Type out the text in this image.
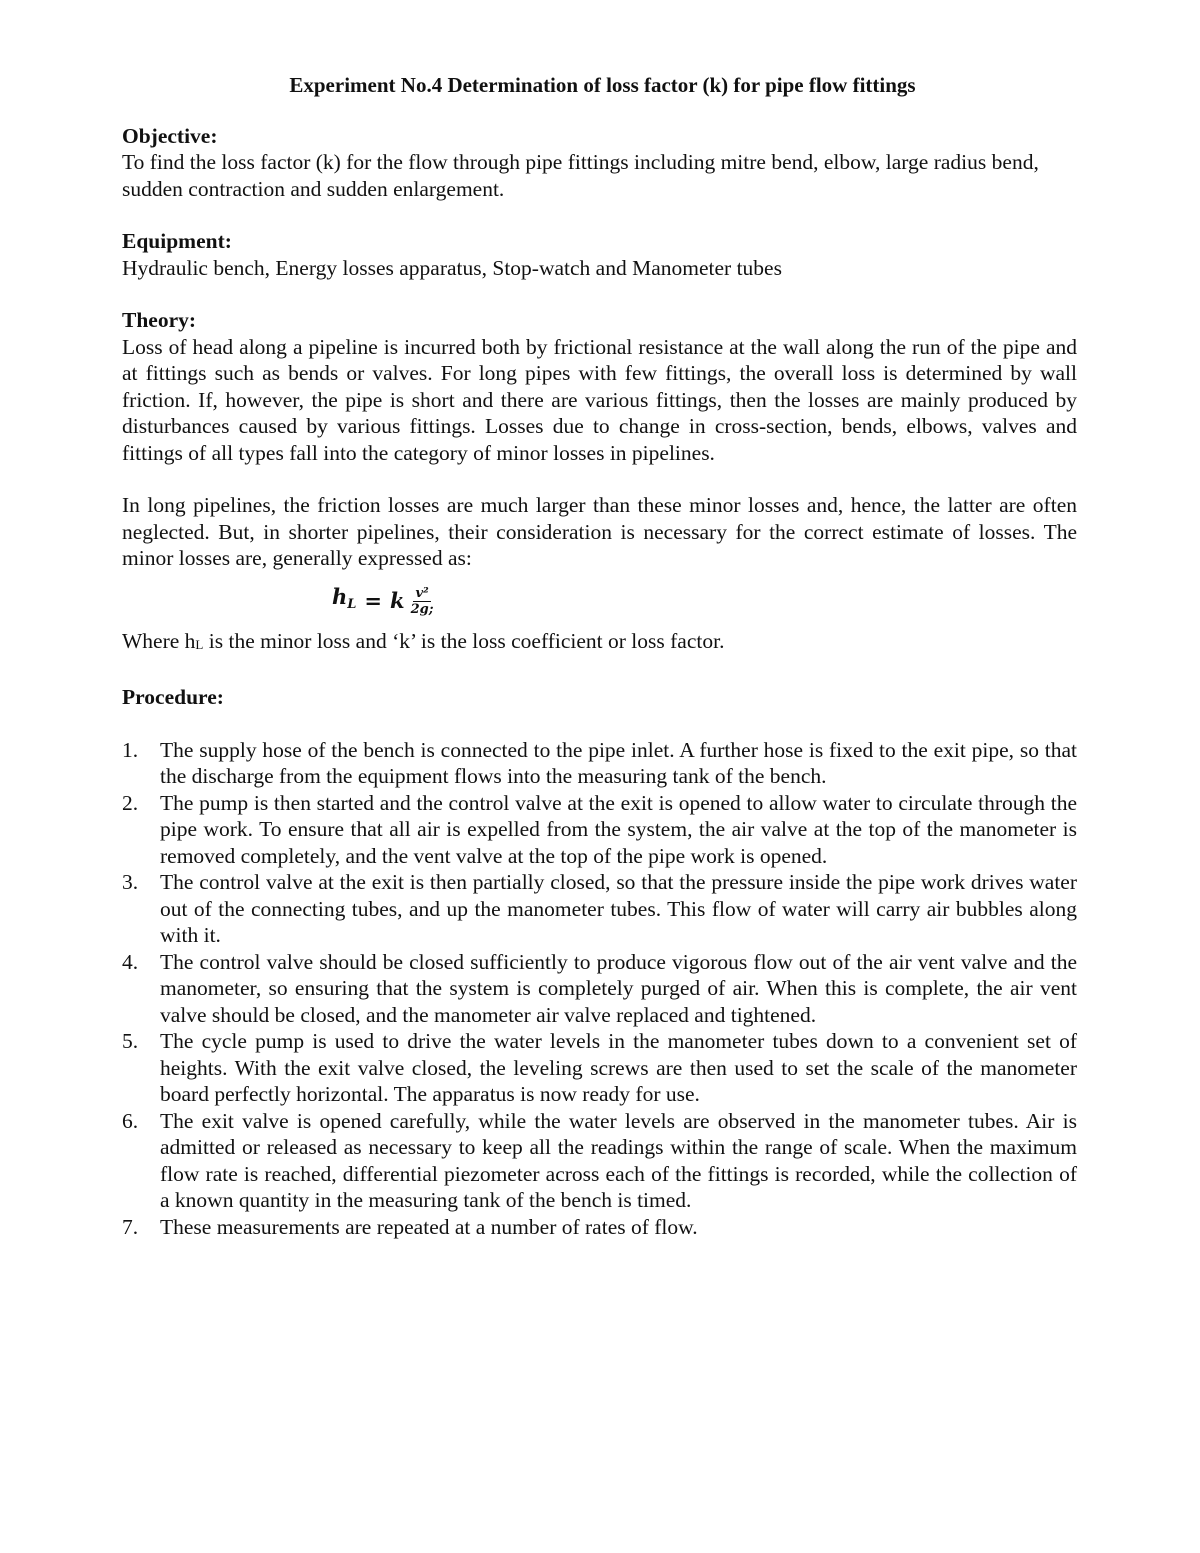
Experiment No.4 Determination of loss factor (k) for pipe flow fittings
Objective:
To find the loss factor (k) for the flow through pipe fittings including mitre bend, elbow, large radius bend, sudden contraction and sudden enlargement.
Equipment:
Hydraulic bench, Energy losses apparatus, Stop-watch and Manometer tubes
Theory:
Loss of head along a pipeline is incurred both by frictional resistance at the wall along the run of the pipe and at fittings such as bends or valves. For long pipes with few fittings, the overall loss is determined by wall friction. If, however, the pipe is short and there are various fittings, then the losses are mainly produced by disturbances caused by various fittings. Losses due to change in cross-section, bends, elbows, valves and fittings of all types fall into the category of minor losses in pipelines.
In long pipelines, the friction losses are much larger than these minor losses and, hence, the latter are often neglected. But, in shorter pipelines, their consideration is necessary for the correct estimate of losses. The minor losses are, generally expressed as:
$h_L = k \frac{\text{v²}}{2g;}$
Where $h_L$ is the minor loss and ‘k’ is the loss coefficient or loss factor.
Procedure:
1.	The supply hose of the bench is connected to the pipe inlet. A further hose is fixed to the exit pipe, so that the discharge from the equipment flows into the measuring tank of the bench.
2.	The pump is then started and the control valve at the exit is opened to allow water to circulate through the pipe work. To ensure that all air is expelled from the system, the air valve at the top of the manometer is removed completely, and the vent valve at the top of the pipe work is opened.
3.	The control valve at the exit is then partially closed, so that the pressure inside the pipe work drives water out of the connecting tubes, and up the manometer tubes. This flow of water will carry air bubbles along with it.
4.	The control valve should be closed sufficiently to produce vigorous flow out of the air vent valve and the manometer, so ensuring that the system is completely purged of air. When this is complete, the air vent valve should be closed, and the manometer air valve replaced and tightened.
5.	The cycle pump is used to drive the water levels in the manometer tubes down to a convenient set of heights. With the exit valve closed, the leveling screws are then used to set the scale of the manometer board perfectly horizontal. The apparatus is now ready for use.
6.	The exit valve is opened carefully, while the water levels are observed in the manometer tubes. Air is admitted or released as necessary to keep all the readings within the range of scale. When the maximum flow rate is reached, differential piezometer across each of the fittings is recorded, while the collection of a known quantity in the measuring tank of the bench is timed.
7.	These measurements are repeated at a number of rates of flow.
